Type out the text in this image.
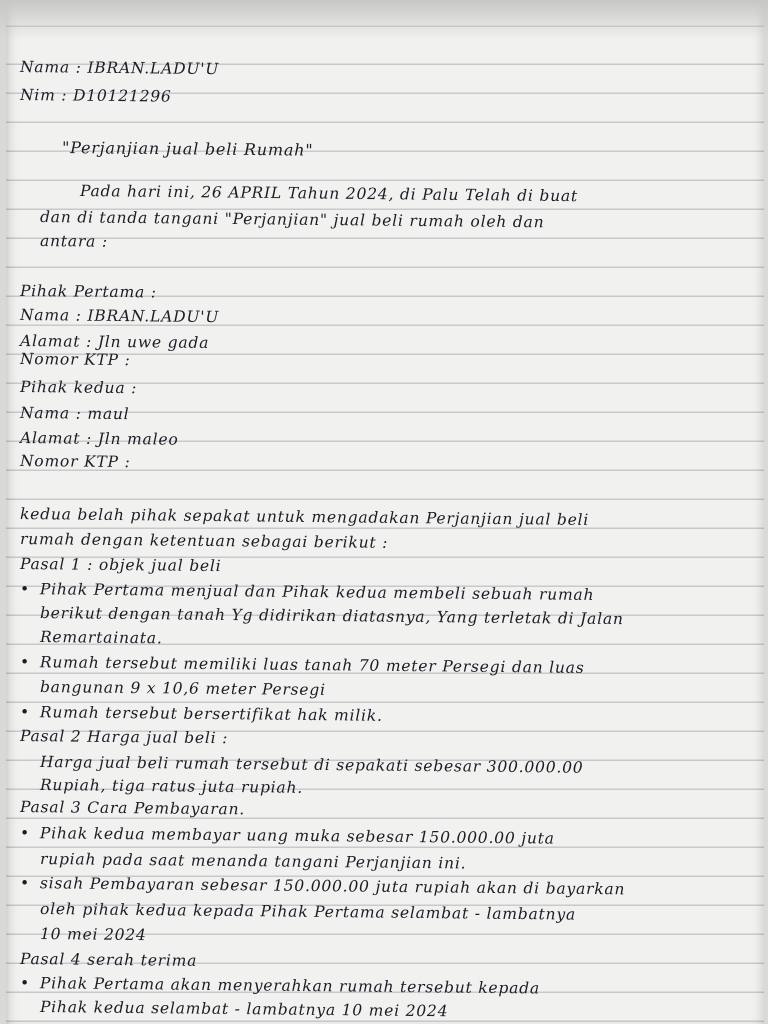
Nama : IBRAN.LADU'U
Nim : D10121296
"Perjanjian jual beli Rumah"
Pada hari ini, 26 APRIL Tahun 2024, di Palu Telah di buat
dan di tanda tangani "Perjanjian" jual beli rumah oleh dan
antara :
Pihak Pertama :
Nama : IBRAN.LADU'U
Alamat : Jln uwe gada
Nomor KTP :
Pihak kedua :
Nama : maul
Alamat : Jln maleo
Nomor KTP :
kedua belah pihak sepakat untuk mengadakan Perjanjian jual beli
rumah dengan ketentuan sebagai berikut :
Pasal 1 : objek jual beli
• Pihak Pertama menjual dan Pihak kedua membeli sebuah rumah
berikut dengan tanah Yg didirikan diatasnya, Yang terletak di Jalan
Remartainata.
• Rumah tersebut memiliki luas tanah 70 meter Persegi dan luas
bangunan 9 x 10,6 meter Persegi
• Rumah tersebut bersertifikat hak milik.
Pasal 2 Harga jual beli :
Harga jual beli rumah tersebut di sepakati sebesar 300.000.00
Rupiah, tiga ratus juta rupiah.
Pasal 3 Cara Pembayaran.
• Pihak kedua membayar uang muka sebesar 150.000.00 juta
rupiah pada saat menanda tangani Perjanjian ini.
• sisah Pembayaran sebesar 150.000.00 juta rupiah akan di bayarkan
oleh pihak kedua kepada Pihak Pertama selambat - lambatnya
10 mei 2024
Pasal 4 serah terima
• Pihak Pertama akan menyerahkan rumah tersebut kepada
Pihak kedua selambat - lambatnya 10 mei 2024
